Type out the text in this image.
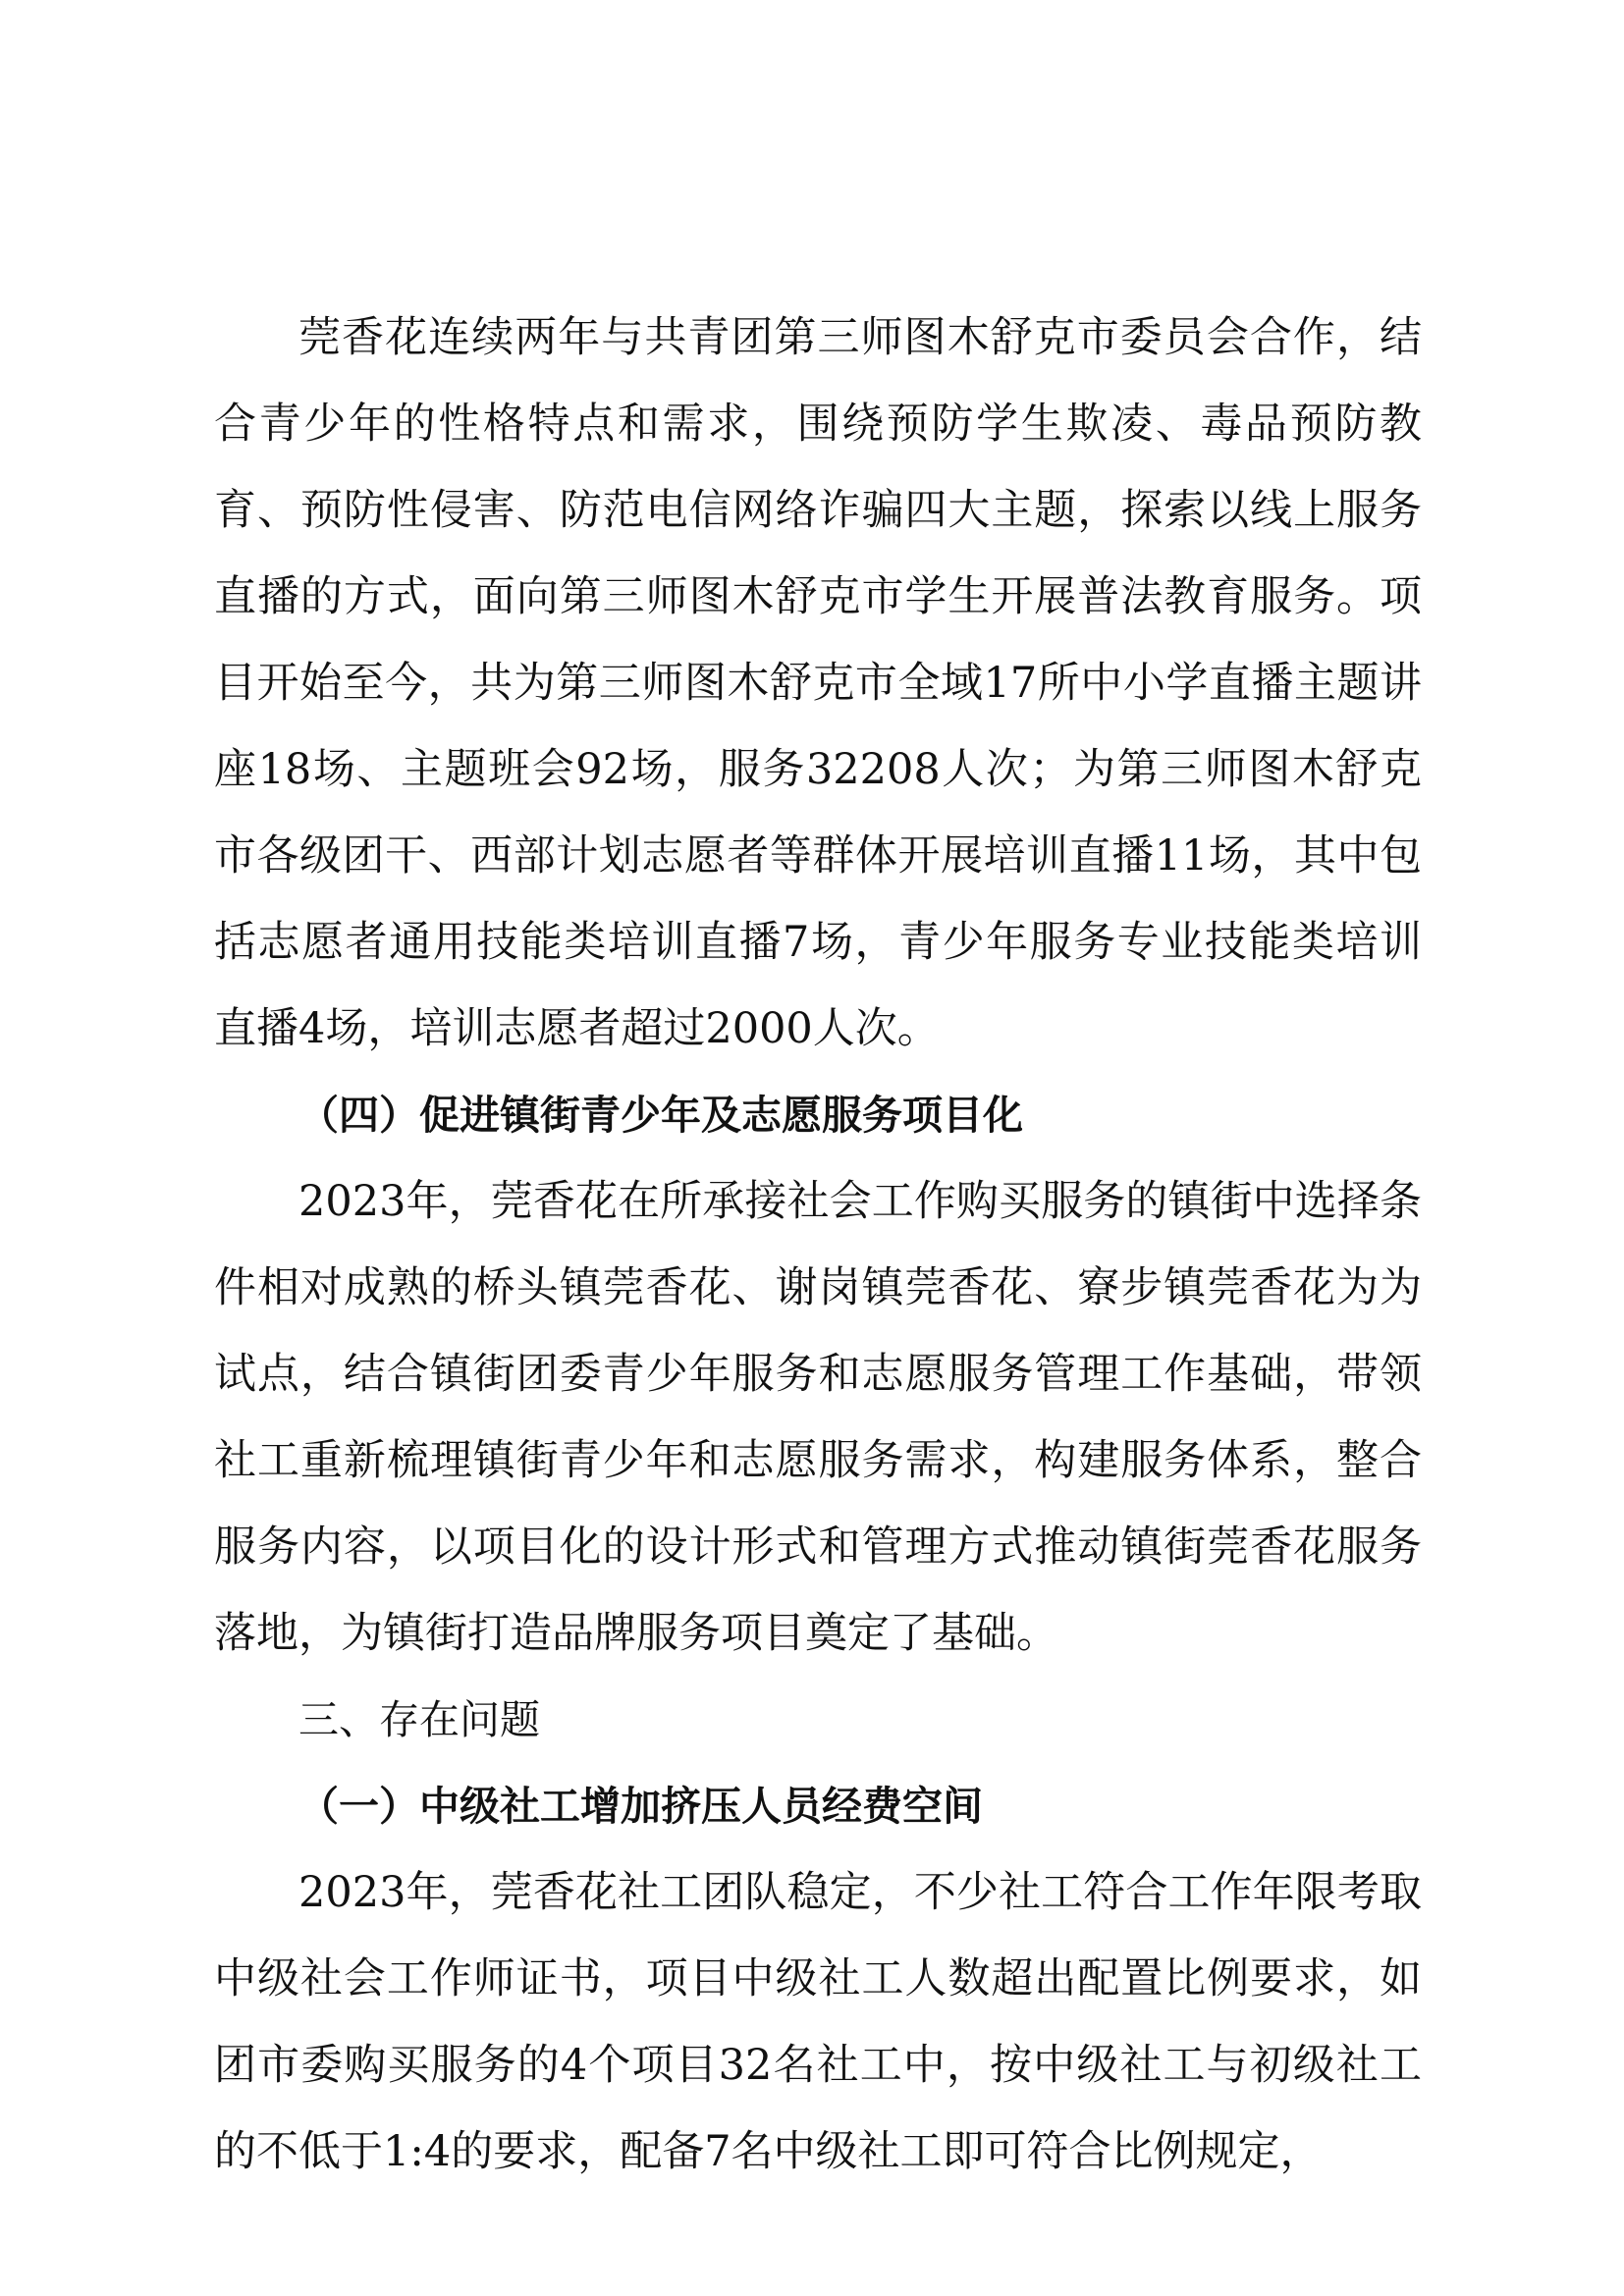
莞香花连续两年与共青团第三师图木舒克市委员会合作，结合青少年的性格特点和需求，围绕预防学生欺凌、毒品预防教育、预防性侵害、防范电信网络诈骗四大主题，探索以线上服务直播的方式，面向第三师图木舒克市学生开展普法教育服务。项目开始至今，共为第三师图木舒克市全域17所中小学直播主题讲座18场、主题班会92场，服务32208人次；为第三师图木舒克市各级团干、西部计划志愿者等群体开展培训直播11场，其中包括志愿者通用技能类培训直播7场，青少年服务专业技能类培训直播4场，培训志愿者超过2000人次。

（四）促进镇街青少年及志愿服务项目化

2023年，莞香花在所承接社会工作购买服务的镇街中选择条件相对成熟的桥头镇莞香花、谢岗镇莞香花、寮步镇莞香花为为试点，结合镇街团委青少年服务和志愿服务管理工作基础，带领社工重新梳理镇街青少年和志愿服务需求，构建服务体系，整合服务内容，以项目化的设计形式和管理方式推动镇街莞香花服务落地，为镇街打造品牌服务项目奠定了基础。

三、存在问题

（一）中级社工增加挤压人员经费空间

2023年，莞香花社工团队稳定，不少社工符合工作年限考取中级社会工作师证书，项目中级社工人数超出配置比例要求，如团市委购买服务的4个项目32名社工中，按中级社工与初级社工的不低于1:4的要求，配备7名中级社工即可符合比例规定，
